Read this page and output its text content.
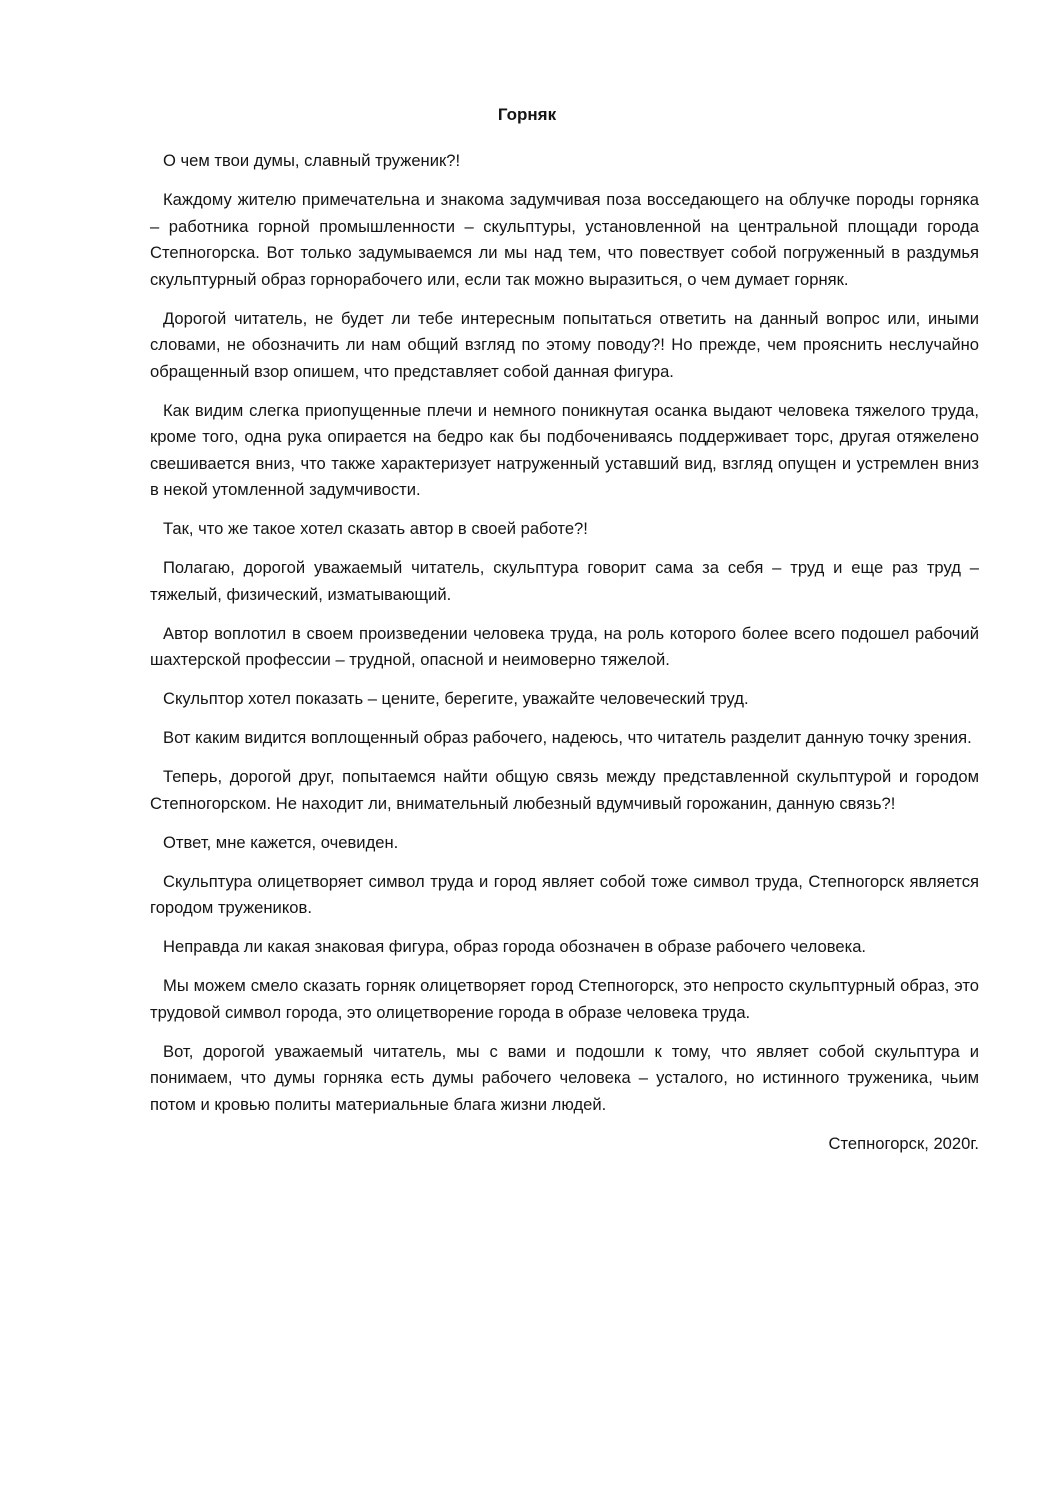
Горняк

О чем твои думы, славный труженик?!

Каждому жителю примечательна и знакома задумчивая поза восседающего на облучке породы горняка – работника горной промышленности – скульптуры, установленной на центральной площади города Степногорска. Вот только задумываемся ли мы над тем, что повествует собой погруженный в раздумья скульптурный образ горнорабочего или, если так можно выразиться, о чем думает горняк.

Дорогой читатель, не будет ли тебе интересным попытаться ответить на данный вопрос или, иными словами, не обозначить ли нам общий взгляд по этому поводу?! Но прежде, чем прояснить неслучайно обращенный взор опишем, что представляет собой данная фигура.

Как видим слегка приопущенные плечи и немного поникнутая осанка выдают человека тяжелого труда, кроме того, одна рука опирается на бедро как бы подбочениваясь поддерживает торс, другая отяжелено свешивается вниз, что также характеризует натруженный уставший вид, взгляд опущен и устремлен вниз в некой утомленной задумчивости.

Так, что же такое хотел сказать автор в своей работе?!

Полагаю, дорогой уважаемый читатель, скульптура говорит сама за себя – труд и еще раз труд – тяжелый, физический, изматывающий.

Автор воплотил в своем произведении человека труда, на роль которого более всего подошел рабочий шахтерской профессии – трудной, опасной и неимоверно тяжелой.

Скульптор хотел показать – цените, берегите, уважайте человеческий труд.

Вот каким видится воплощенный образ рабочего, надеюсь, что читатель разделит данную точку зрения.

Теперь, дорогой друг, попытаемся найти общую связь между представленной скульптурой и городом Степногорском. Не находит ли, внимательный любезный вдумчивый горожанин, данную связь?!

Ответ, мне кажется, очевиден.

Скульптура олицетворяет символ труда и город являет собой тоже символ труда, Степногорск является городом тружеников.

Неправда ли какая знаковая фигура, образ города обозначен в образе рабочего человека.

Мы можем смело сказать горняк олицетворяет город Степногорск, это непросто скульптурный образ, это трудовой символ города, это олицетворение города в образе человека труда.

Вот, дорогой уважаемый читатель, мы с вами и подошли к тому, что являет собой скульптура и понимаем, что думы горняка есть думы рабочего человека – усталого, но истинного труженика, чьим потом и кровью политы материальные блага жизни людей.

Степногорск, 2020г.
